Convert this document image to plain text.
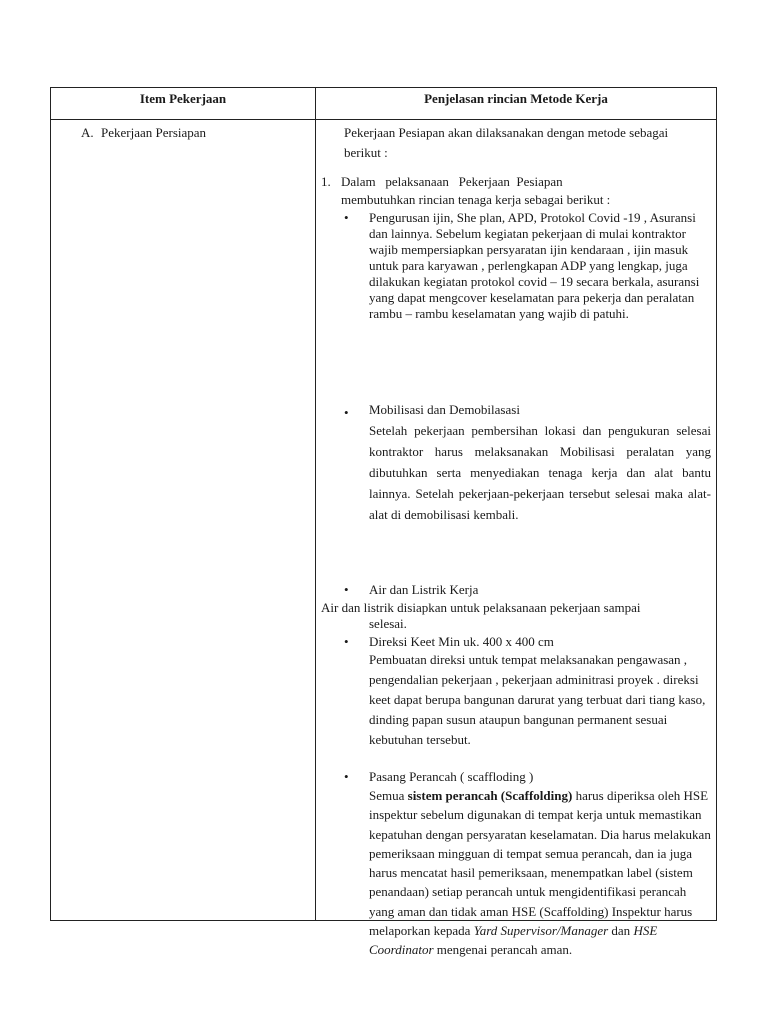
Item Pekerjaan	Penjelasan rincian Metode Kerja
A. Pekerjaan Persiapan	Pekerjaan Pesiapan akan dilaksanakan dengan metode sebagai berikut :

1. Dalam   pelaksanaan   Pekerjaan  Pesiapan
membutuhkan rincian tenaga kerja sebagai berikut :
• Pengurusan ijin, She plan, APD, Protokol Covid -19 , Asuransi dan lainnya. Sebelum kegiatan pekerjaan di mulai kontraktor wajib mempersiapkan persyaratan ijin kendaraan , ijin masuk untuk para karyawan , perlengkapan ADP yang lengkap, juga dilakukan kegiatan protokol covid – 19 secara berkala, asuransi yang dapat mengcover keselamatan para pekerja dan peralatan rambu – rambu keselamatan yang wajib di patuhi.
• Mobilisasi dan Demobilasasi
Setelah pekerjaan pembersihan lokasi dan pengukuran selesai kontraktor harus melaksanakan Mobilisasi peralatan yang dibutuhkan serta menyediakan tenaga kerja dan alat bantu lainnya. Setelah pekerjaan-pekerjaan tersebut selesai maka alat-alat di demobilisasi kembali.
• Air dan Listrik Kerja
Air dan listrik disiapkan untuk pelaksanaan pekerjaan sampai
selesai.
• Direksi Keet Min uk. 400 x 400 cm
Pembuatan direksi untuk tempat melaksanakan pengawasan , pengendalian pekerjaan , pekerjaan adminitrasi proyek . direksi keet dapat berupa bangunan darurat yang terbuat dari tiang kaso, dinding papan susun ataupun bangunan permanent sesuai kebutuhan tersebut.
• Pasang Perancah ( scaffloding )
Semua sistem perancah (Scaffolding) harus diperiksa oleh HSE inspektur sebelum digunakan di tempat kerja untuk memastikan kepatuhan dengan persyaratan keselamatan. Dia harus melakukan pemeriksaan mingguan di tempat semua perancah, dan ia juga harus mencatat hasil pemeriksaan, menempatkan label (sistem penandaan) setiap perancah untuk mengidentifikasi perancah yang aman dan tidak aman HSE (Scaffolding) Inspektur harus melaporkan kepada Yard Supervisor/Manager dan HSE Coordinator mengenai perancah aman.
